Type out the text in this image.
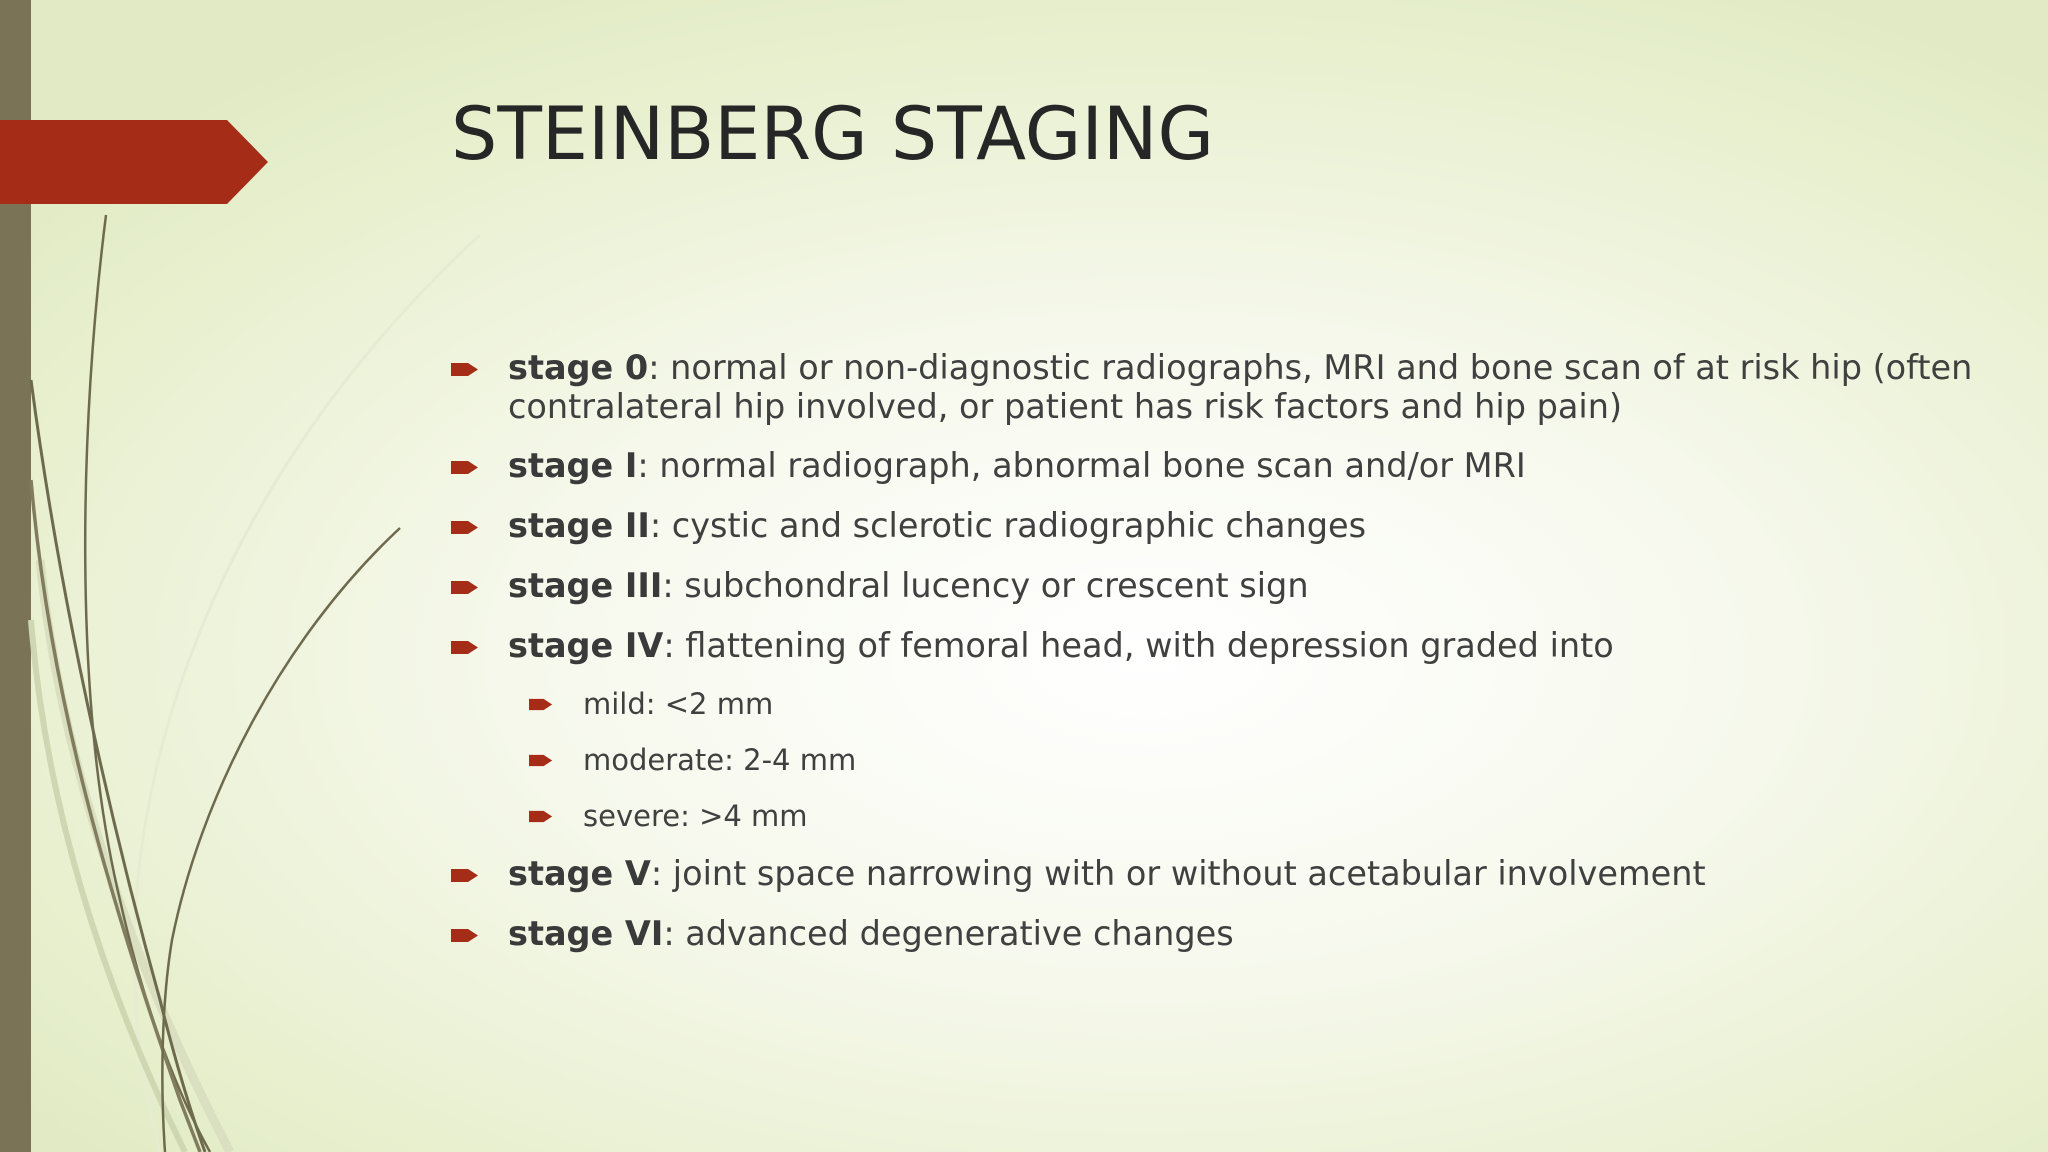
STEINBERG STAGING
stage 0: normal or non-diagnostic radiographs, MRI and bone scan of at risk hip (often contralateral hip involved, or patient has risk factors and hip pain)
stage I: normal radiograph, abnormal bone scan and/or MRI
stage II: cystic and sclerotic radiographic changes
stage III: subchondral lucency or crescent sign
stage IV: flattening of femoral head, with depression graded into
mild: <2 mm
moderate: 2-4 mm
severe: >4 mm
stage V: joint space narrowing with or without acetabular involvement
stage VI: advanced degenerative changes
